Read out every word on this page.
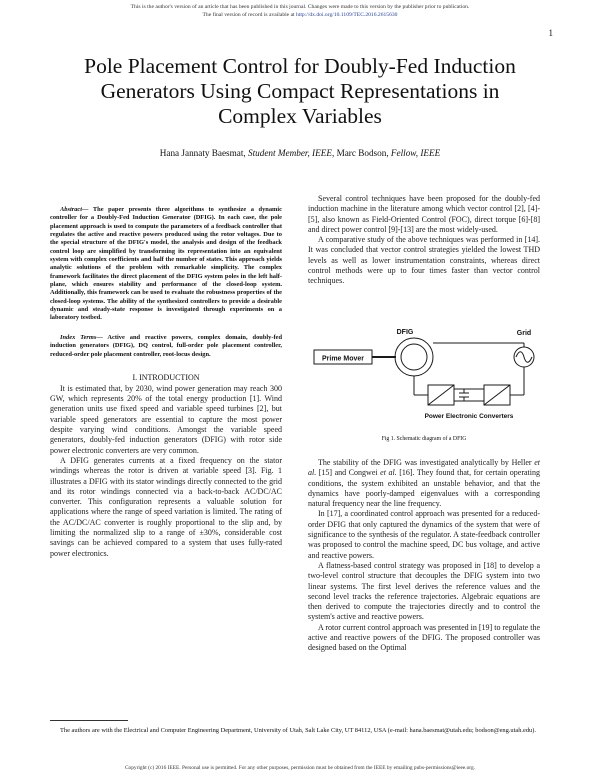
This is the author's version of an article that has been published in this journal. Changes were made to this version by the publisher prior to publication.
The final version of record is available at http://dx.doi.org/10.1109/TEC.2016.2615630
1
Pole Placement Control for Doubly-Fed Induction Generators Using Compact Representations in Complex Variables
Hana Jannaty Baesmat, Student Member, IEEE, Marc Bodson, Fellow, IEEE

Abstract— The paper presents three algorithms to synthesize a dynamic controller for a Doubly-Fed Induction Generator (DFIG). In each case, the pole placement approach is used to compute the parameters of a feedback controller that regulates the active and reactive powers produced using the rotor voltages. Due to the special structure of the DFIG's model, the analysis and design of the feedback control loop are simplified by transforming its representation into an equivalent system with complex coefficients and half the number of states. This approach yields analytic solutions of the problem with remarkable simplicity. The complex framework facilitates the direct placement of the DFIG system poles in the left half-plane, which ensures stability and performance of the closed-loop system. Additionally, this framework can be used to evaluate the robustness properties of the closed-loop systems. The ability of the synthesized controllers to provide a desirable dynamic and steady-state response is investigated through experiments on a laboratory testbed.

Index Terms— Active and reactive powers, complex domain, doubly-fed induction generators (DFIG), DQ control, full-order pole placement controller, reduced-order pole placement controller, root-locus design.

I. INTRODUCTION

It is estimated that, by 2030, wind power generation may reach 300 GW, which represents 20% of the total energy production [1]. Wind generation units use fixed speed and variable speed turbines [2], but variable speed generators are essential to capture the most power despite varying wind conditions. Amongst the variable speed generators, doubly-fed induction generators (DFIG) with rotor side power electronic converters are very common.

A DFIG generates currents at a fixed frequency on the stator windings whereas the rotor is driven at variable speed [3]. Fig. 1 illustrates a DFIG with its stator windings directly connected to the grid and its rotor windings connected via a back-to-back AC/DC/AC converter. This configuration represents a valuable solution for applications where the range of speed variation is limited. The rating of the AC/DC/AC converter is roughly proportional to the slip and, by limiting the normalized slip to a range of ±30%, considerable cost savings can be achieved compared to a system that uses fully-rated power electronics.

Several control techniques have been proposed for the doubly-fed induction machine in the literature among which vector control [2], [4]-[5], also known as Field-Oriented Control (FOC), direct torque [6]-[8] and direct power control [9]-[13] are the most widely-used.

A comparative study of the above techniques was performed in [14]. It was concluded that vector control strategies yielded the lowest THD levels as well as lower instrumentation constraints, whereas direct control methods were up to four times faster than vector control techniques.

Prime Mover
DFIG	Grid
Power Electronic Converters
Fig 1. Schematic diagram of a DFIG

The stability of the DFIG was investigated analytically by Heller et al. [15] and Congwei et al. [16]. They found that, for certain operating conditions, the system exhibited an unstable behavior, and that the dynamics have poorly-damped eigenvalues with a corresponding natural frequency near the line frequency.

In [17], a coordinated control approach was presented for a reduced-order DFIG that only captured the dynamics of the system that were of significance to the synthesis of the regulator. A state-feedback controller was proposed to control the machine speed, DC bus voltage, and active and reactive powers.

A flatness-based control strategy was proposed in [18] to develop a two-level control structure that decouples the DFIG system into two linear systems. The first level derives the reference values and the second level tracks the reference trajectories. Algebraic equations are then derived to compute the trajectories directly and to control the system's active and reactive powers.

A rotor current control approach was presented in [19] to regulate the active and reactive powers of the DFIG. The proposed controller was designed based on the Optimal

The authors are with the Electrical and Computer Engineering Department, University of Utah, Salt Lake City, UT 84112, USA (e-mail: hana.baesmat@utah.edu; bodson@eng.utah.edu).
Copyright (c) 2016 IEEE. Personal use is permitted. For any other purposes, permission must be obtained from the IEEE by emailing pubs-permissions@ieee.org.
